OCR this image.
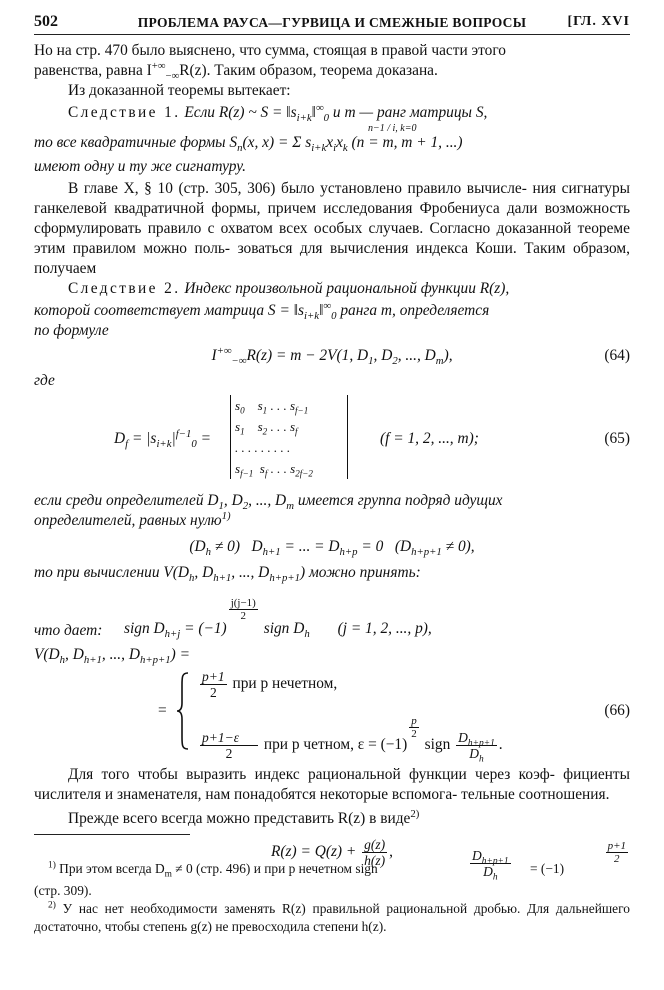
502	ПРОБЛЕМА РАУСА—ГУРВИЦА И СМЕЖНЫЕ ВОПРОСЫ	[ГЛ. XVI

Но на стр. 470 было выяснено, что сумма, стоящая в правой части этого
равенства, равна $I^{+\infty}_{-\infty}R(z)$. Таким образом, теорема доказана.

Из доказанной теоремы вытекает:

Следствие 1. Если R(z) ~ $S = ‖s_{i+k}‖^\infty_0$ и m — ранг матрицы S,

то все квадратичные формы $S_n(x$, x) = Σ $s_{i+k}x_ix_k$ (n = m, m + 1, ...)
n−1 / i, k=0

имеют одну и ту же сигнатуру.

В главе X, § 10 (стр. 305, 306) было установлено правило вычисле- ния сигнатуры ганкелевой квадратичной формы, причем исследования Фробениуса дали возможность сформулировать правило с охватом всех особых случаев. Согласно доказанной теореме этим правилом можно поль- зоваться для вычисления индекса Коши. Таким образом, получаем

Следствие 2. Индекс произвольной рациональной функции R(z),

которой соответствует матрица $S = ‖s_{i+k}‖^\infty_0$ ранга m, определяется

по формуле

$I^{+\infty}_{-\infty}R(z) = m - 2V(1$, $D_1$, $D_2$, ..., $D_m$),	(64)

где

$D_f = |s_{i+k}|^{f-1}_0$ =
$s_0$    $s_1$ . . . $s_{f-1}$
$s_1$    $s_2$ . . . $s_f$
. . . . . . . . .
$s_{f-1}$  $s_f$ . . . $s_{2f-2}$
(f = 1, 2, ..., m);	(65)

если среди определителей $D_1$, $D_2$, ..., $D_m$ имеется группа подряд идущих
определителей, равных нулю$^{1)}$

$(D_h \ne 0) D_{h+1}$ = ... = $D_{h+p} = 0$   $(D_{h+p+1} \ne 0)$,

то при вычислении $V(D_h$, $D_{h+1}$, ..., $D_{h+p+1}$) можно принять:

sign $D_{h+j} = (-1)$
$\frac{j(j-1)}{2}$
sign $D_h$ (j = 1, 2, ..., p),

что дает:

$V(D_h$, $D_{h+1}$, ..., $D_{h+p+1}$) =

=
$\frac{p+1}{2}$ при p нечетном,
$\frac{p+1-\varepsilon}{2}$ при p четном, ε = (−1)
$\frac{p}{2}$
sign $\frac{D_{h+p+1}}{D_h}$ .
(66)

Для того чтобы выразить индекс рациональной функции через коэф- фициенты числителя и знаменателя, нам понадобятся некоторые вспомога- тельные соотношения.

Прежде всего всегда можно представить R(z) в виде$^{2)}$

$R(z) = Q(z) + \frac{g(z)}{h(z)}$ ,
$^{1)}$ При этом всегда $D_m \ne 0$ (стр. 496) и при p нечетном sign	$\frac{D_{h+p+1}}{D_h} = (-1)$
$\frac{p+1}{2}$
(стр. 309).
$^{2)}$ У нас нет необходимости заменять R(z) правильной рациональной дробью. Для дальнейшего достаточно, чтобы степень g(z) не превосходила степени h(z).
